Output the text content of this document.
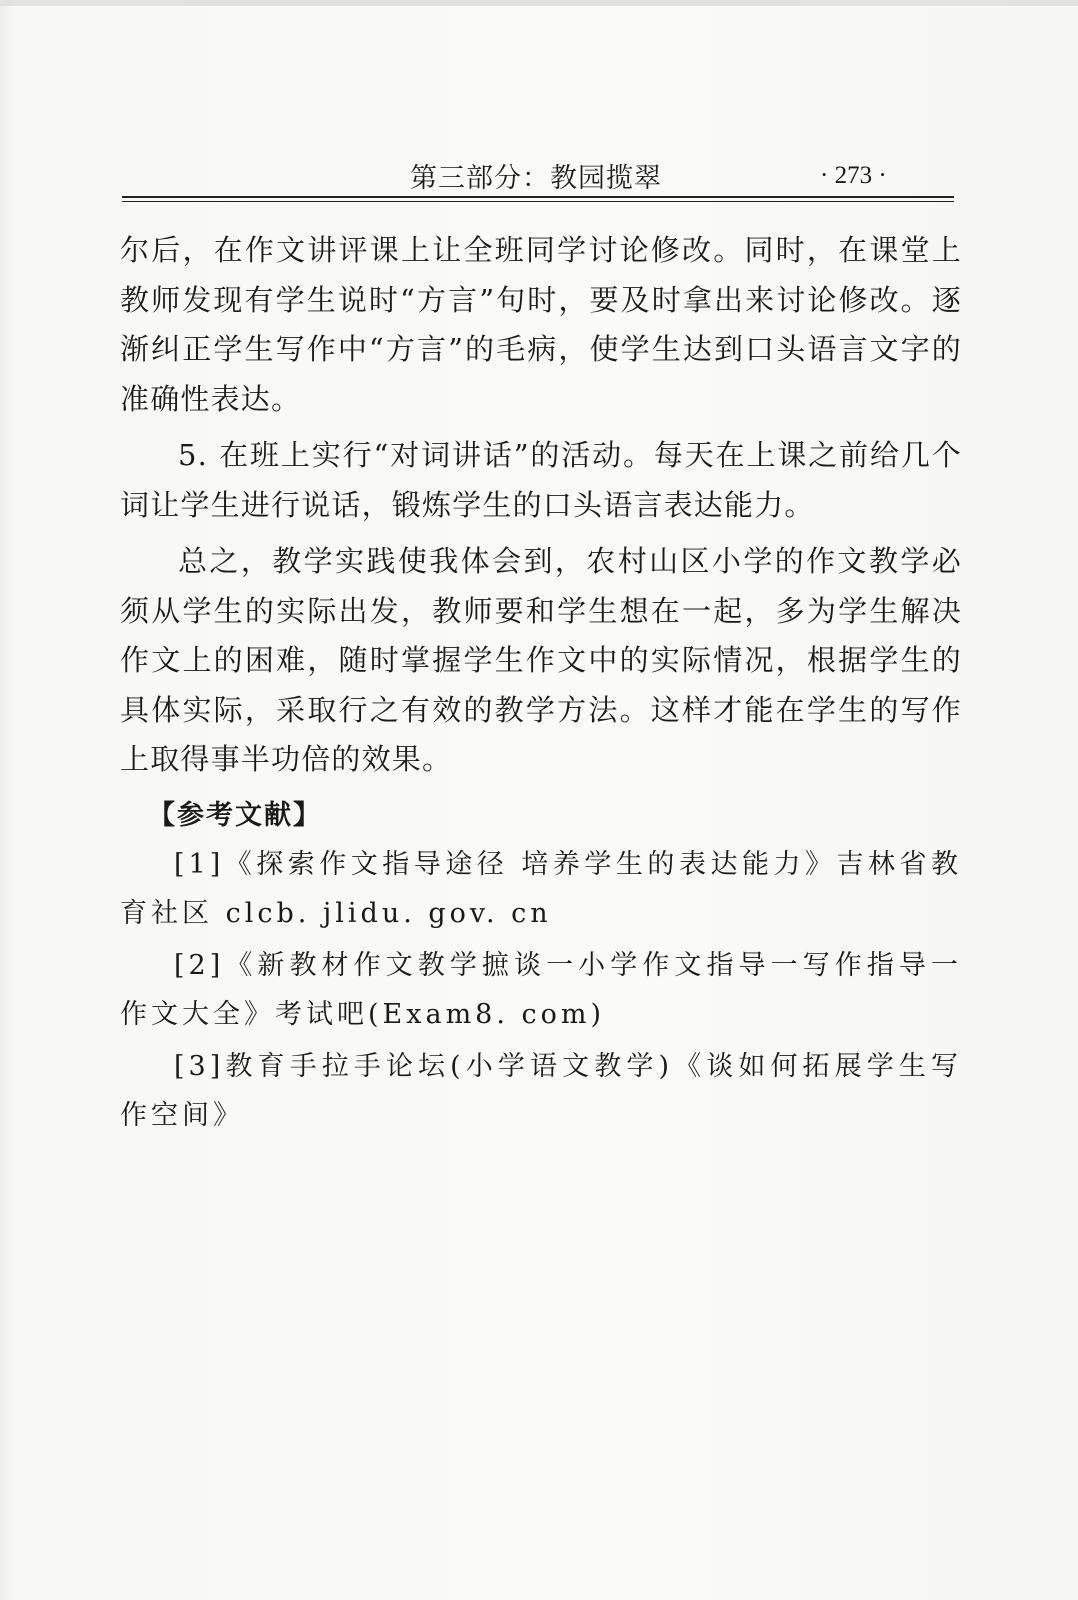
第三部分：教园揽翠	· 273 ·

尔后，在作文讲评课上让全班同学讨论修改。同时，在课堂上教师发现有学生说时“方言”句时，要及时拿出来讨论修改。逐渐纠正学生写作中“方言”的毛病，使学生达到口头语言文字的准确性表达。

5. 在班上实行“对词讲话”的活动。每天在上课之前给几个词让学生进行说话，锻炼学生的口头语言表达能力。

总之，教学实践使我体会到，农村山区小学的作文教学必须从学生的实际出发，教师要和学生想在一起，多为学生解决作文上的困难，随时掌握学生作文中的实际情况，根据学生的具体实际，采取行之有效的教学方法。这样才能在学生的写作上取得事半功倍的效果。

【参考文献】

[1]《探索作文指导途径 培养学生的表达能力》吉林省教育社区 clcb. jlidu. gov. cn

[2]《新教材作文教学摭谈一小学作文指导一写作指导一作文大全》考试吧(Exam8. com)

[3]教育手拉手论坛(小学语文教学)《谈如何拓展学生写作空间》
